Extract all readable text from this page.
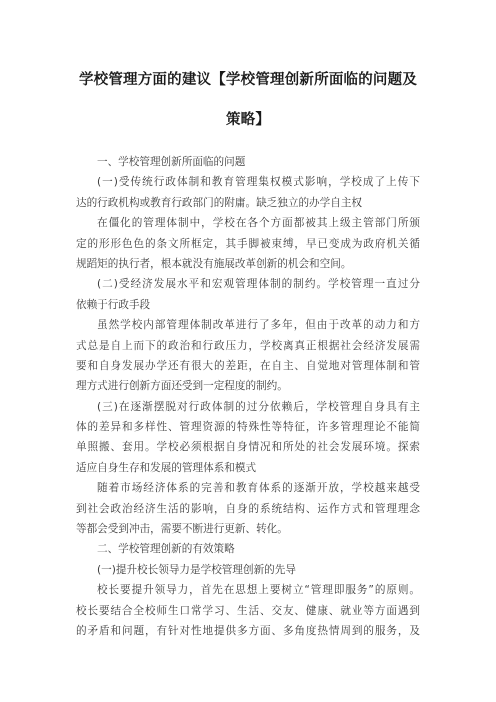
学校管理方面的建议【学校管理创新所面临的问题及
策略】
一、学校管理创新所面临的问题
(一)受传统行政体制和教育管理集权模式影响，学校成了上传下
达的行政机构或教育行政部门的附庸。缺乏独立的办学自主权
在僵化的管理体制中，学校在各个方面都被其上级主管部门所颁
定的形形色色的条文所框定，其手脚被束缚，早已变成为政府机关循
规蹈矩的执行者，根本就没有施展改革创新的机会和空间。
(二)受经济发展水平和宏观管理体制的制约。学校管理一直过分
依赖于行政手段
虽然学校内部管理体制改革进行了多年，但由于改革的动力和方
式总是自上而下的政治和行政压力，学校离真正根据社会经济发展需
要和自身发展办学还有很大的差距，在自主、自觉地对管理体制和管
理方式进行创新方面还受到一定程度的制约。
(三)在逐渐摆脱对行政体制的过分依赖后，学校管理自身具有主
体的差异和多样性、管理资源的特殊性等特征，许多管理理论不能简
单照搬、套用。学校必须根据自身情况和所处的社会发展环境。探索
适应自身生存和发展的管理体系和模式
随着市场经济体系的完善和教育体系的逐渐开放，学校越来越受
到社会政治经济生活的影响，自身的系统结构、运作方式和管理理念
等都会受到冲击，需要不断进行更新、转化。
二、学校管理创新的有效策略
(一)提升校长领导力是学校管理创新的先导
校长要提升领导力，首先在思想上要树立“管理即服务”的原则。
校长要结合全校师生口常学习、生活、交友、健康、就业等方面遇到
的矛盾和问题，有针对性地提供多方面、多角度热情周到的服务，及
